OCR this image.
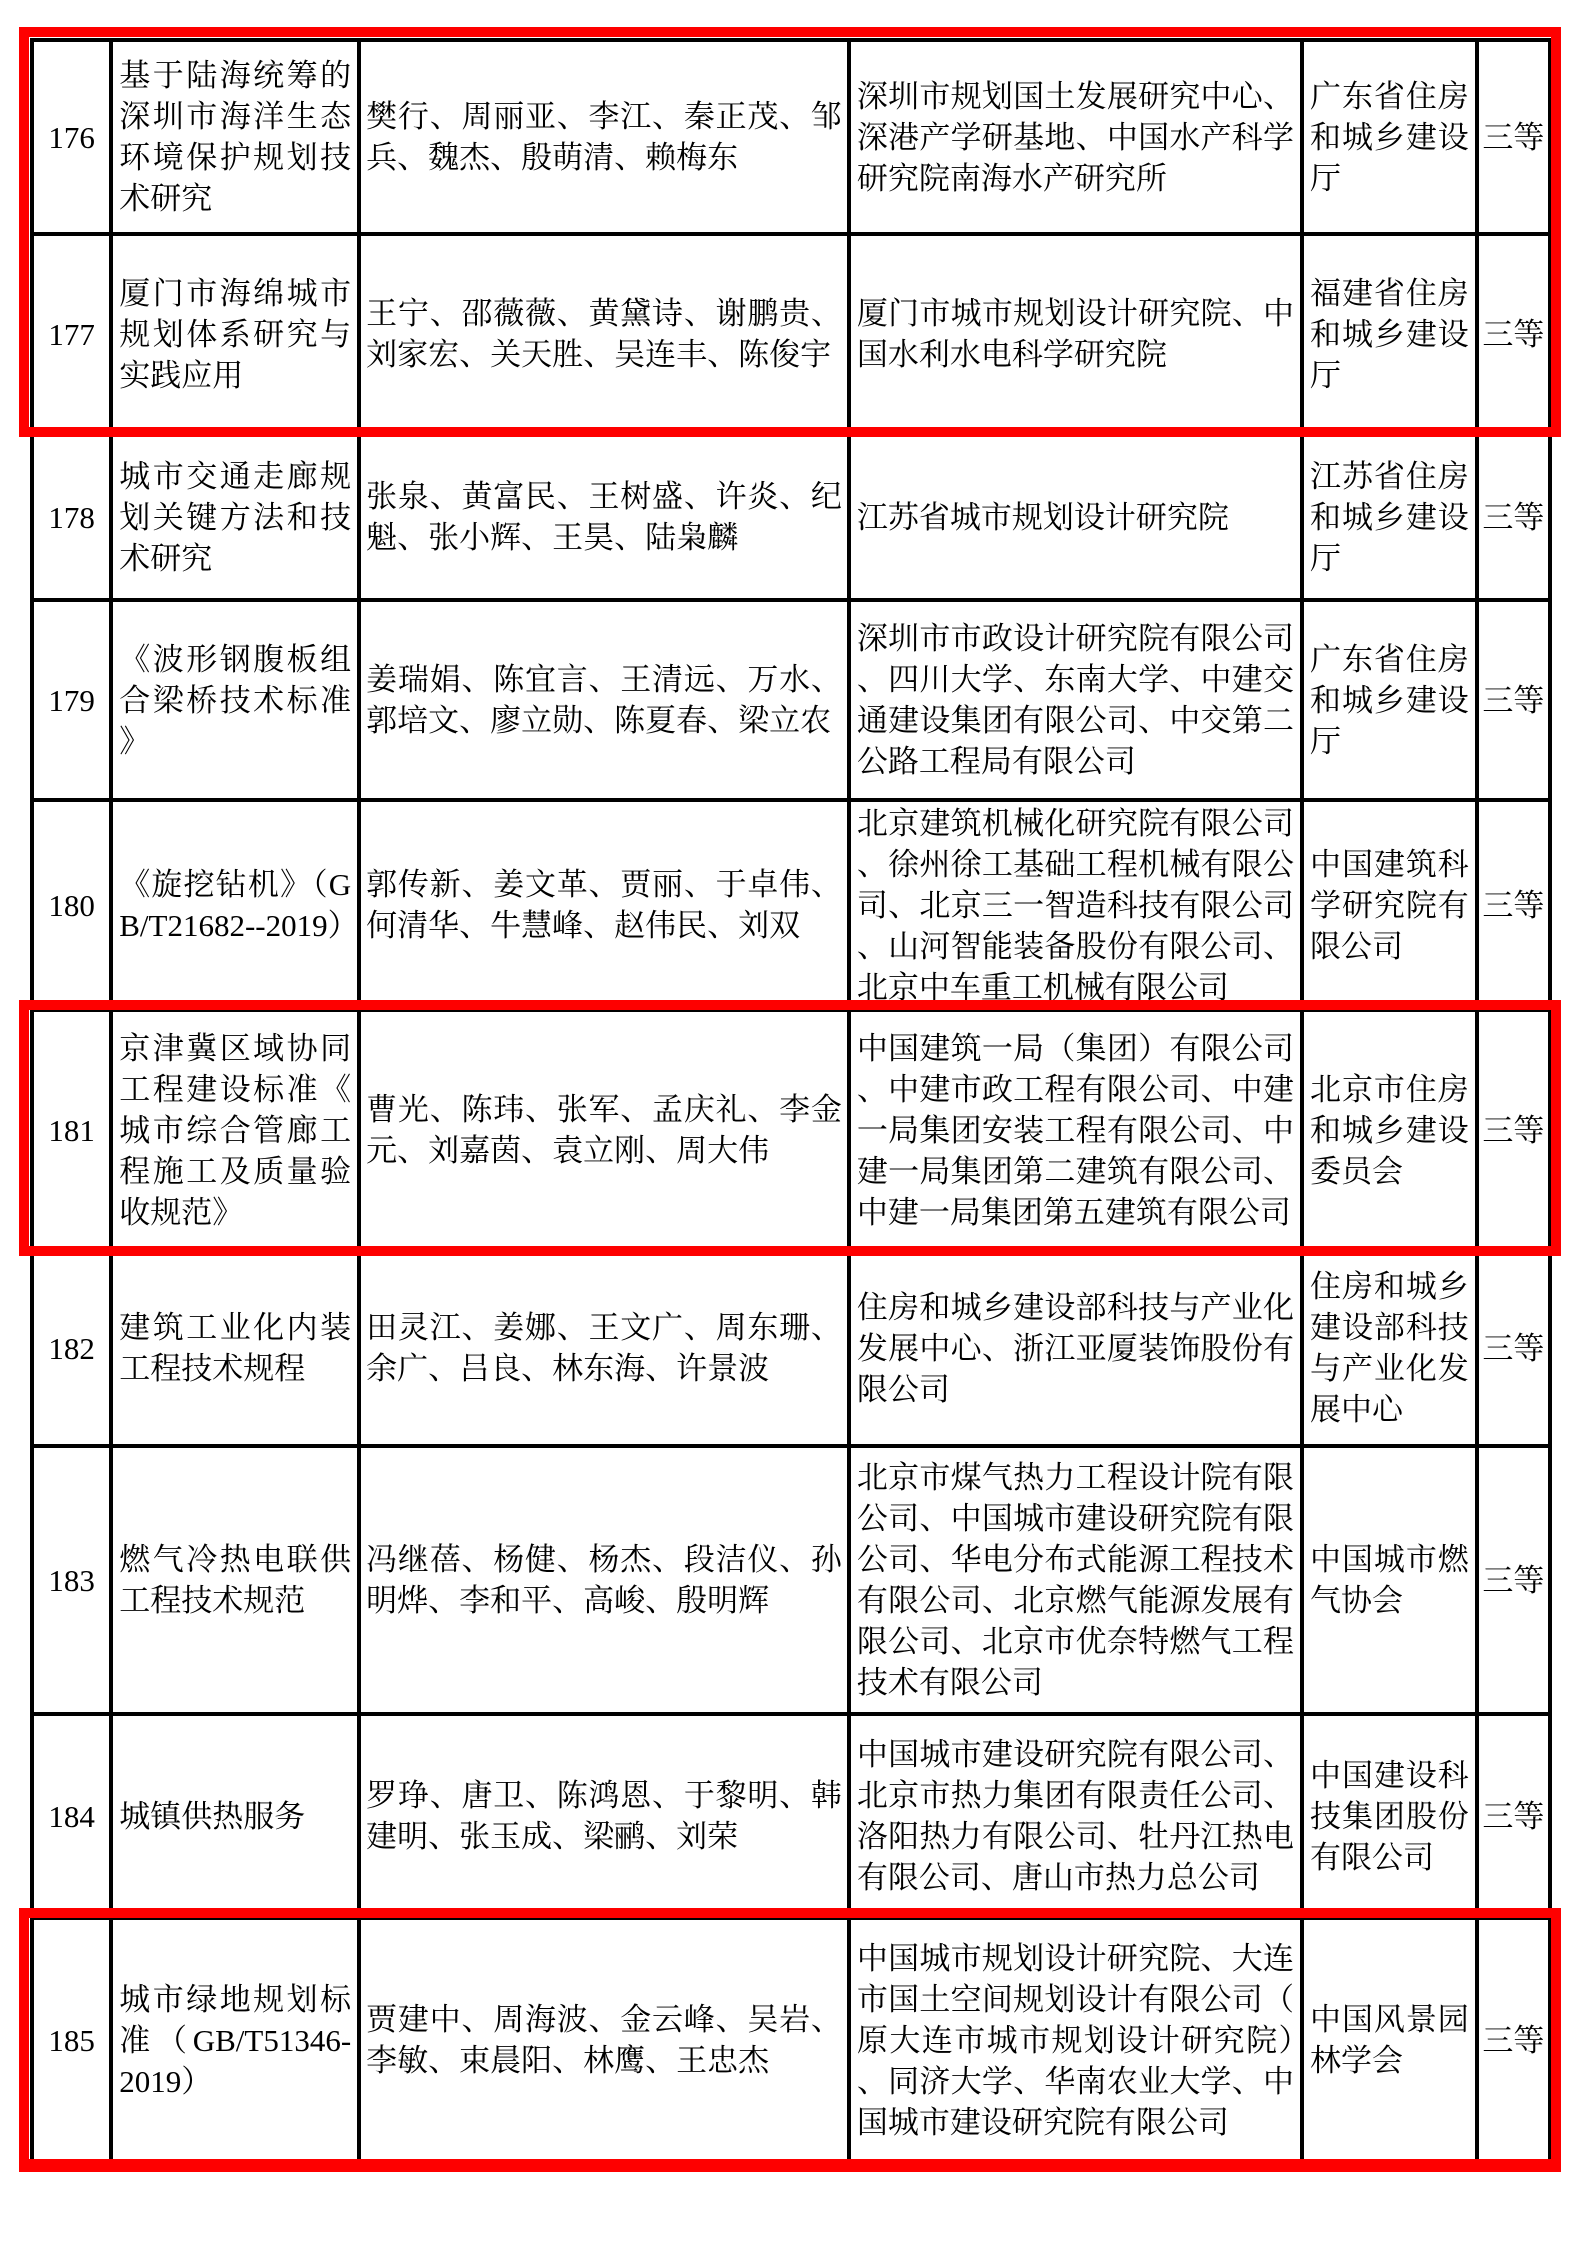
176	基于陆海统筹的深圳市海洋生态环境保护规划技术研究	樊行、周丽亚、李江、秦正茂、邹兵、魏杰、殷萌清、赖梅东	深圳市规划国土发展研究中心、深港产学研基地、中国水产科学研究院南海水产研究所	广东省住房和城乡建设厅	三等
177	厦门市海绵城市规划体系研究与实践应用	王宁、邵薇薇、黄黛诗、谢鹏贵、刘家宏、关天胜、吴连丰、陈俊宇	厦门市城市规划设计研究院、中国水利水电科学研究院	福建省住房和城乡建设厅	三等
178	城市交通走廊规划关键方法和技术研究	张泉、黄富民、王树盛、许炎、纪魁、张小辉、王昊、陆枭麟	江苏省城市规划设计研究院	江苏省住房和城乡建设厅	三等
179	《波形钢腹板组合梁桥技术标准》	姜瑞娟、陈宜言、王清远、万水、郭培文、廖立勋、陈夏春、梁立农	深圳市市政设计研究院有限公司、四川大学、东南大学、中建交通建设集团有限公司、中交第二公路工程局有限公司	广东省住房和城乡建设厅	三等
180	《旋挖钻机》（GB/T21682--2019）	郭传新、姜文革、贾丽、于卓伟、何清华、牛慧峰、赵伟民、刘双	北京建筑机械化研究院有限公司、徐州徐工基础工程机械有限公司、北京三一智造科技有限公司、山河智能装备股份有限公司、北京中车重工机械有限公司	中国建筑科学研究院有限公司	三等
181	京津冀区域协同工程建设标准《城市综合管廊工程施工及质量验收规范》	曹光、陈玮、张军、孟庆礼、李金元、刘嘉茵、袁立刚、周大伟	中国建筑一局（集团）有限公司、中建市政工程有限公司、中建一局集团安装工程有限公司、中建一局集团第二建筑有限公司、中建一局集团第五建筑有限公司	北京市住房和城乡建设委员会	三等
182	建筑工业化内装工程技术规程	田灵江、姜娜、王文广、周东珊、余广、吕良、林东海、许景波	住房和城乡建设部科技与产业化发展中心、浙江亚厦装饰股份有限公司	住房和城乡建设部科技与产业化发展中心	三等
183	燃气冷热电联供工程技术规范	冯继蓓、杨健、杨杰、段洁仪、孙明烨、李和平、高峻、殷明辉	北京市煤气热力工程设计院有限公司、中国城市建设研究院有限公司、华电分布式能源工程技术有限公司、北京燃气能源发展有限公司、北京市优奈特燃气工程技术有限公司	中国城市燃气协会	三等
184	城镇供热服务	罗琤、唐卫、陈鸿恩、于黎明、韩建明、张玉成、梁鹂、刘荣	中国城市建设研究院有限公司、北京市热力集团有限责任公司、洛阳热力有限公司、牡丹江热电有限公司、唐山市热力总公司	中国建设科技集团股份有限公司	三等
185	城市绿地规划标准（GB/T51346-2019）	贾建中、周海波、金云峰、吴岩、李敏、束晨阳、林鹰、王忠杰	中国城市规划设计研究院、大连市国土空间规划设计有限公司（原大连市城市规划设计研究院）、同济大学、华南农业大学、中国城市建设研究院有限公司	中国风景园林学会	三等
